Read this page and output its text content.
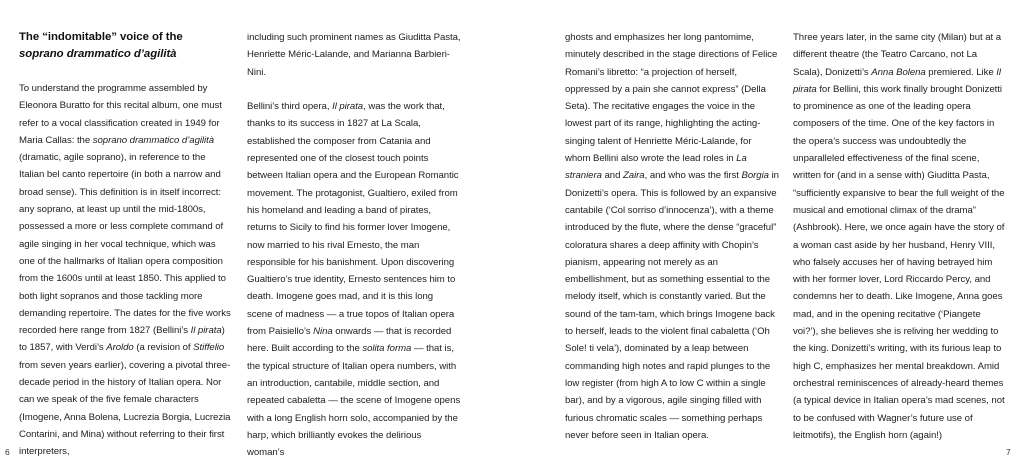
The “indomitable” voice of the
soprano drammatico d’agilità

To understand the programme assembled by Eleonora Buratto for this recital album, one must refer to a vocal classification created in 1949 for Maria Callas: the soprano drammatico d’agilità (dramatic, agile soprano), in reference to the Italian bel canto repertoire (in both a narrow and broad sense). This definition is in itself incorrect: any soprano, at least up until the mid-1800s, possessed a more or less complete command of agile singing in her vocal technique, which was one of the hallmarks of Italian opera composition from the 1600s until at least 1850. This applied to both light sopranos and those tackling more demanding repertoire. The dates for the five works recorded here range from 1827 (Bellini’s Il pirata) to 1857, with Verdi’s Aroldo (a revision of Stiffelio from seven years earlier), covering a pivotal three-decade period in the history of Italian opera. Nor can we speak of the five female characters (Imogene, Anna Bolena, Lucrezia Borgia, Lucrezia Contarini, and Mina) without referring to their first interpreters,

including such prominent names as Giuditta Pasta, Henriette Méric-Lalande, and Marianna Barbieri-Nini.

Bellini’s third opera, Il pirata, was the work that, thanks to its success in 1827 at La Scala, established the composer from Catania and represented one of the closest touch points between Italian opera and the European Romantic movement. The protagonist, Gualtiero, exiled from his homeland and leading a band of pirates, returns to Sicily to find his former lover Imogene, now married to his rival Ernesto, the man responsible for his banishment. Upon discovering Gualtiero’s true identity, Ernesto sentences him to death. Imogene goes mad, and it is this long scene of madness — a true topos of Italian opera from Paisiello’s Nina onwards — that is recorded here. Built according to the solita forma — that is, the typical structure of Italian opera numbers, with an introduction, cantabile, middle section, and repeated cabaletta — the scene of Imogene opens with a long English horn solo, accompanied by the harp, which brilliantly evokes the delirious woman’s

6

ghosts and emphasizes her long pantomime, minutely described in the stage directions of Felice Romani’s libretto: “a projection of herself, oppressed by a pain she cannot express” (Della Seta). The recitative engages the voice in the lowest part of its range, highlighting the acting-singing talent of Henriette Méric-Lalande, for whom Bellini also wrote the lead roles in La straniera and Zaira, and who was the first Borgia in Donizetti’s opera. This is followed by an expansive cantabile (‘Col sorriso d’innocenza’), with a theme introduced by the flute, where the dense “graceful” coloratura shares a deep affinity with Chopin’s pianism, appearing not merely as an embellishment, but as something essential to the melody itself, which is constantly varied. But the sound of the tam-tam, which brings Imogene back to herself, leads to the violent final cabaletta (‘Oh Sole! ti vela’), dominated by a leap between commanding high notes and rapid plunges to the low register (from high A to low C within a single bar), and by a vigorous, agile singing filled with furious chromatic scales — something perhaps never before seen in Italian opera.

Three years later, in the same city (Milan) but at a different theatre (the Teatro Carcano, not La Scala), Donizetti’s Anna Bolena premiered. Like Il pirata for Bellini, this work finally brought Donizetti to prominence as one of the leading opera composers of the time. One of the key factors in the opera’s success was undoubtedly the unparalleled effectiveness of the final scene, written for (and in a sense with) Giuditta Pasta, “sufficiently expansive to bear the full weight of the musical and emotional climax of the drama” (Ashbrook). Here, we once again have the story of a woman cast aside by her husband, Henry VIII, who falsely accuses her of having betrayed him with her former lover, Lord Riccardo Percy, and condemns her to death. Like Imogene, Anna goes mad, and in the opening recitative (‘Piangete voi?’), she believes she is reliving her wedding to the king. Donizetti’s writing, with its furious leap to high C, emphasizes her mental breakdown. Amid orchestral reminiscences of already-heard themes (a typical device in Italian opera’s mad scenes, not to be confused with Wagner’s future use of leitmotifs), the English horn (again!)

7
